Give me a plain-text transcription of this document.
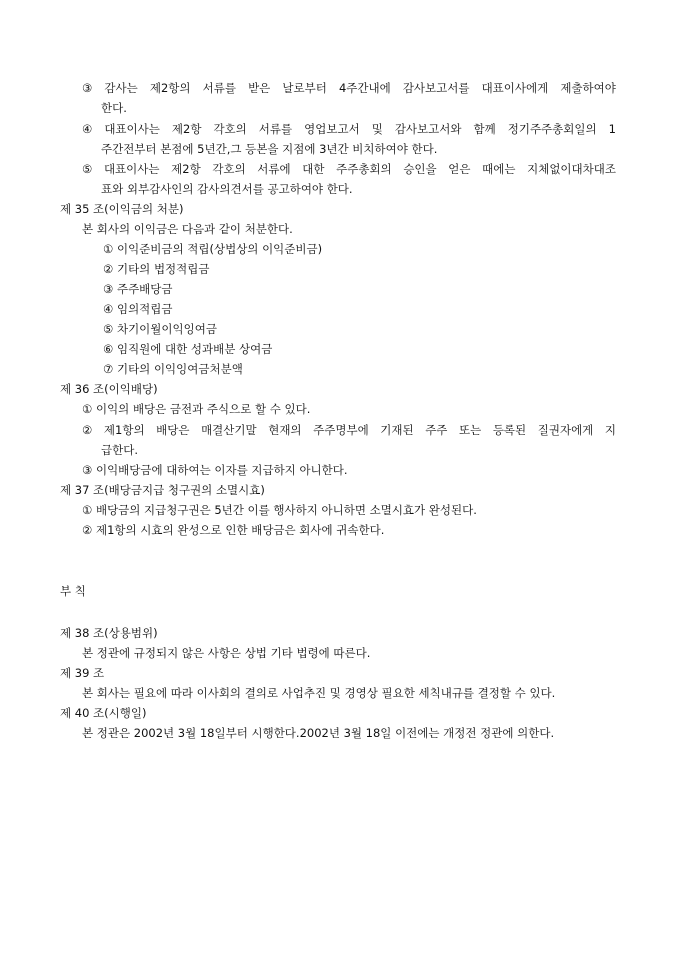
③ 감사는 제2항의 서류를 받은 날로부터 4주간내에 감사보고서를 대표이사에게 제출하여야
한다.
④ 대표이사는 제2항 각호의 서류를 영업보고서 및 감사보고서와 함께 정기주주총회일의 1
주간전부터 본점에 5년간,그 등본을 지점에 3년간 비치하여야 한다.
⑤ 대표이사는 제2항 각호의 서류에 대한 주주총회의 승인을 얻은 때에는 지체없이대차대조
표와 외부감사인의 감사의견서를 공고하여야 한다.
제 35 조(이익금의 처분)
본 회사의 이익금은 다음과 같이 처분한다.
① 이익준비금의 적립(상법상의 이익준비금)
② 기타의 법정적립금
③ 주주배당금
④ 임의적립금
⑤ 차기이월이익잉여금
⑥ 임직원에 대한 성과배분 상여금
⑦ 기타의 이익잉여금처분액
제 36 조(이익배당)
① 이익의 배당은 금전과 주식으로 할 수 있다.
② 제1항의 배당은 매결산기말 현재의 주주명부에 기재된 주주 또는 등록된 질권자에게 지
급한다.
③ 이익배당금에 대하여는 이자를 지급하지 아니한다.
제 37 조(배당금지급 청구권의 소멸시효)
① 배당금의 지급청구권은 5년간 이를 행사하지 아니하면 소멸시효가 완성된다.
② 제1항의 시효의 완성으로 인한 배당금은 회사에 귀속한다.
부 칙
제 38 조(상용범위)
본 정관에 규정되지 않은 사항은 상법 기타 법령에 따른다.
제 39 조
본 회사는 필요에 따라 이사회의 결의로 사업추진 및 경영상 필요한 세칙내규를 결정할 수 있다.
제 40 조(시행일)
본 정관은 2002년 3월 18일부터 시행한다.2002년 3월 18일 이전에는 개정전 정관에 의한다.
